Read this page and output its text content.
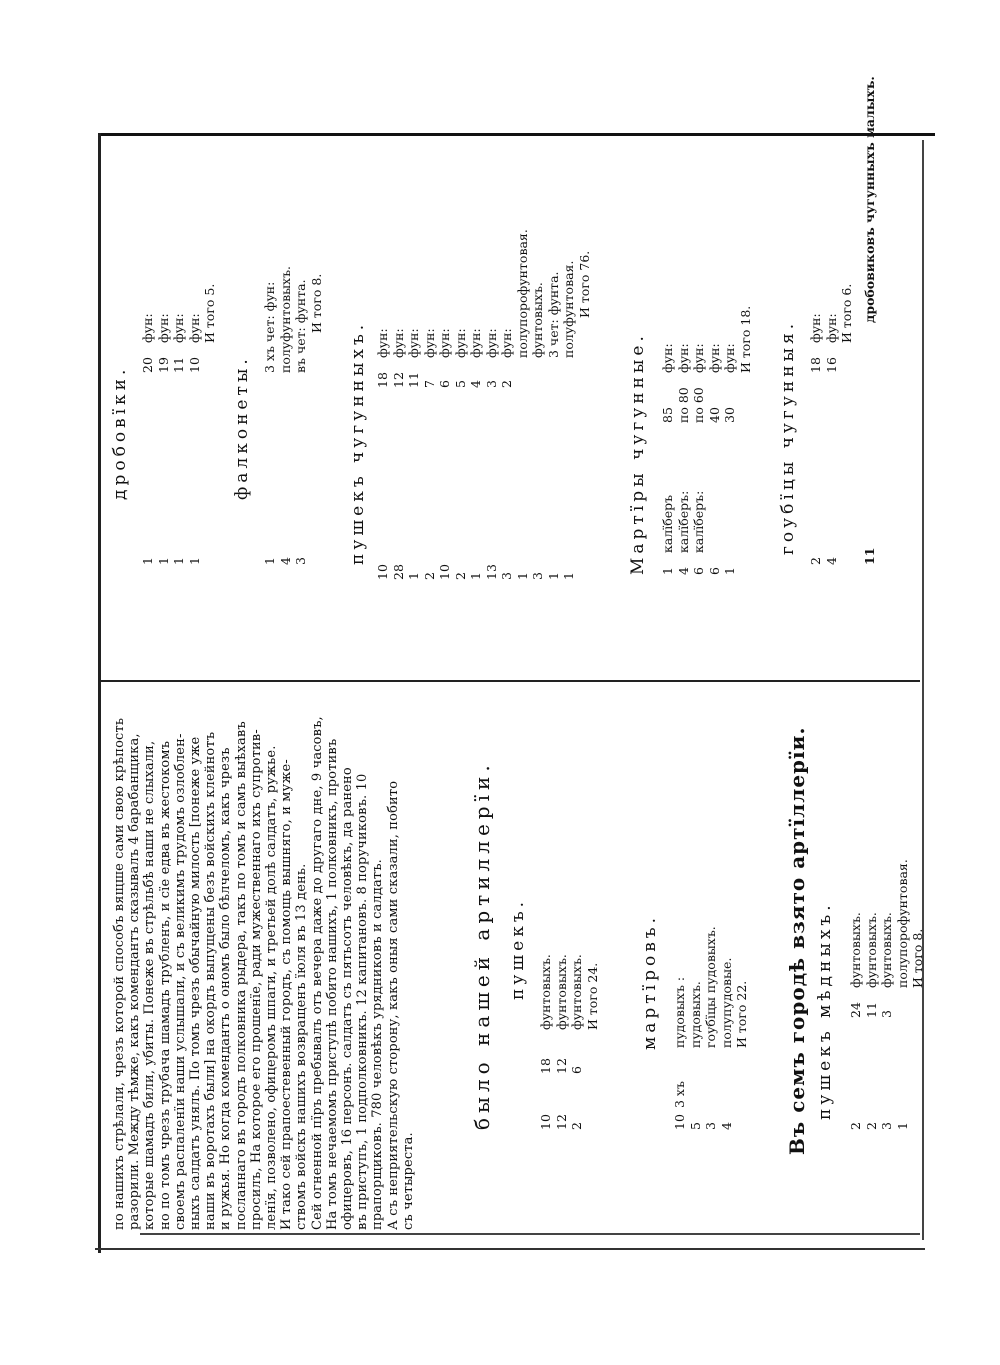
по нашихъ стрѣлали, чрезъ которой способъ вящше сами свою крѣпость разорили. Между тѣмже, какъ комендантъ сказывалъ 4 барабанщика, которые шамадъ били, убиты. Понеже въ стрѣльбѣ наши не слыхали, но по томъ чрезъ трубача шамадъ трубленъ, и сїе едва въ жестокомъ своемъ распаленїи наши услышали, и съ великимъ трудомъ озлоблен- ныхъ салдатъ унялъ. По томъ чрезъ обычайную милость [понеже уже наши въ воротахъ были] на окордъ выпущены безъ войскихъ клейнотъ и ружья. Но когда комендантъ о ономъ было бѣлчеломъ, какъ чрезъ посланнаго въ городъ полковника рыдера, такъ по томъ и самъ выѣхавъ просилъ, На которое его прошенїе, ради мужественнаго ихъ супротив- ленїя, позволено, офицеромъ шпаги, и третьей долѣ салдатъ, ружье. И тако сей прапоестевенный городъ, съ помощь вышняго, и муже- ствомъ войскъ нашихъ возвращенъ їюля въ 13 день. Сей огненной пїръ пребывалъ отъ вечера даже до другаго дне, 9 часовъ, На томъ нечаемомъ приступѣ побито нашихъ, 1 полковникъ, противъ офицеровъ, 16 персонъ. салдатъ съ пятьсотъ человѣкъ, да ранено въ приступъ, 1 подполковникъ. 12 капитановъ. 8 поручиковъ. 10 прапорщиковъ. 780 человѣкъ урядниковъ и салдатъ. А съ неприятельскую сторону, какъ оныя сами сказали, побито съ четыреста.

было нашей артиллерїи. пушекъ.
10
18
фунтовыхъ.
12
12
фунтовыхъ.
2
6
фунтовыхъ. И того 24. мартїровъ.
10
3 хъ
пудовыхъ :
5
пудовыхъ.
3
гоубїцы пудовыхъ.
4
полупудовые. И того 22. Въ семъ городѣ взято артїллерїи. пушекъ мѣдныхъ.
2
24
фунтовыхъ.
2
11
фунтовыхъ.
3
3
фунтовыхъ.
1
полупорофунтовая. И того 8.
дробовїки.
1
20
фун:
1
19
фун:
1
11
фун:
1
10
фун: И того 5.
фалконеты.
1
3 хъ чет: фун:
4
полуфунтовыхъ.
3
въ чет: фунта. И того 8.
пушекъ чугунныхъ.
10
18
фун:
28
12
фун:
1
11
фун:
2
7
фун:
10
6
фун:
2
5
фун:
1
4
фун:
13
3
фун:
3
2
фун:
1
полупорофунтовая.
3
фунтовыхъ.
1
3 чет: фунта.
1
полуфунтовая. И того 76.
Мартїры чугунные. 1
калїберъ
85
фун:
4
калїберъ:
по 80
фун:
6
калїберъ:
по 60
фун:
6
40
фун:
1
30
фун: И того 18. гоубїцы чугунныя.
2
18
фун:
4
16
фун: И того 6.
11
дробовиковъ чугунныхъ малыхъ.
